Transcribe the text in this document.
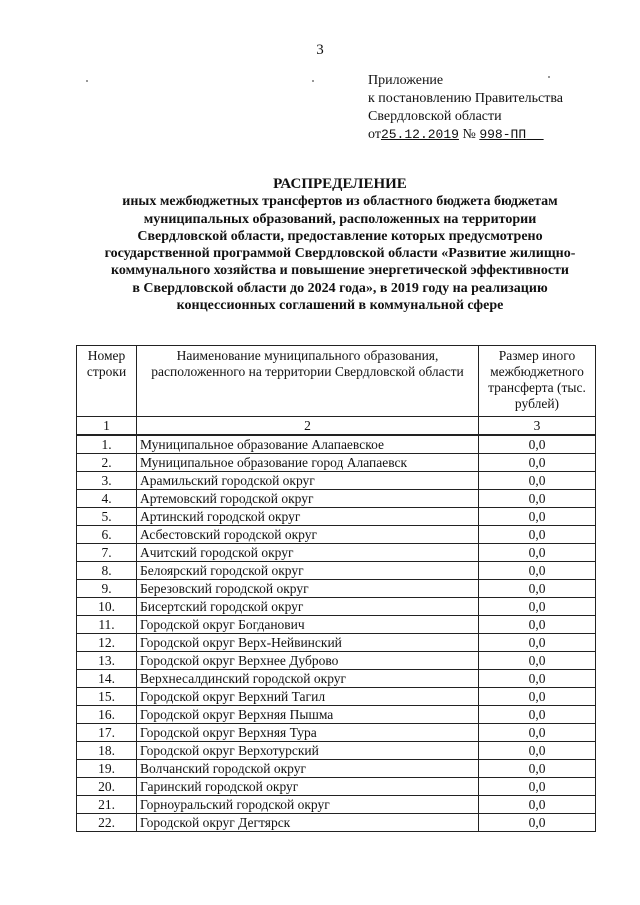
3
Приложение
к постановлению Правительства
Свердловской области
от25.12.2019 № 998-ПП
РАСПРЕДЕЛЕНИЕ
иных межбюджетных трансфертов из областного бюджета бюджетам
муниципальных образований, расположенных на территории
Свердловской области, предоставление которых предусмотрено
государственной программой Свердловской области «Развитие жилищно-
коммунального хозяйства и повышение энергетической эффективности
в Свердловской области до 2024 года», в 2019 году на реализацию
концессионных соглашений в коммунальной сфере
Номер строки	Наименование муниципального образования, расположенного на территории Свердловской области	Размер иного межбюджетного трансферта (тыс. рублей)
1	2	3
1.	Муниципальное образование Алапаевское	0,0
2.	Муниципальное образование город Алапаевск	0,0
3.	Арамильский городской округ	0,0
4.	Артемовский городской округ	0,0
5.	Артинский городской округ	0,0
6.	Асбестовский городской округ	0,0
7.	Ачитский городской округ	0,0
8.	Белоярский городской округ	0,0
9.	Березовский городской округ	0,0
10.	Бисертский городской округ	0,0
11.	Городской округ Богданович	0,0
12.	Городской округ Верх-Нейвинский	0,0
13.	Городской округ Верхнее Дуброво	0,0
14.	Верхнесалдинский городской округ	0,0
15.	Городской округ Верхний Тагил	0,0
16.	Городской округ Верхняя Пышма	0,0
17.	Городской округ Верхняя Тура	0,0
18.	Городской округ Верхотурский	0,0
19.	Волчанский городской округ	0,0
20.	Гаринский городской округ	0,0
21.	Горноуральский городской округ	0,0
22.	Городской округ Дегтярск	0,0
